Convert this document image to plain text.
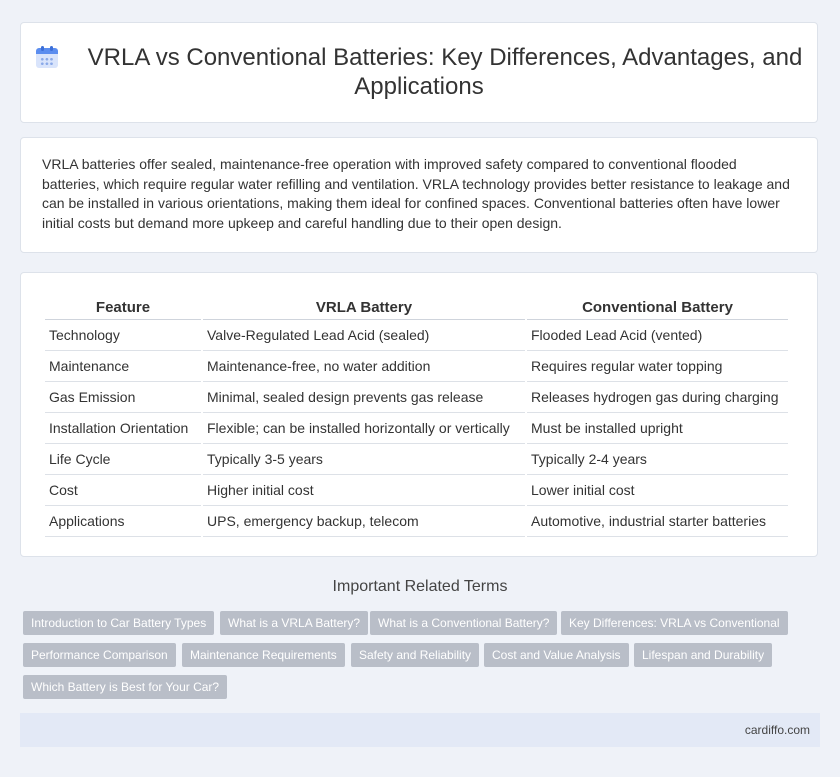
VRLA vs Conventional Batteries: Key Differences, Advantages, and Applications

VRLA batteries offer sealed, maintenance-free operation with improved safety compared to conventional flooded batteries, which require regular water refilling and ventilation. VRLA technology provides better resistance to leakage and can be installed in various orientations, making them ideal for confined spaces. Conventional batteries often have lower initial costs but demand more upkeep and careful handling due to their open design.

Feature	VRLA Battery	Conventional Battery
Technology	Valve-Regulated Lead Acid (sealed)	Flooded Lead Acid (vented)
Maintenance	Maintenance-free, no water addition	Requires regular water topping
Gas Emission	Minimal, sealed design prevents gas release	Releases hydrogen gas during charging
Installation Orientation	Flexible; can be installed horizontally or vertically	Must be installed upright
Life Cycle	Typically 3-5 years	Typically 2-4 years
Cost	Higher initial cost	Lower initial cost
Applications	UPS, emergency backup, telecom	Automotive, industrial starter batteries
Important Related Terms
Introduction to Car Battery Types	What is a VRLA Battery?	What is a Conventional Battery?	Key Differences: VRLA vs Conventional
Performance Comparison	Maintenance Requirements	Safety and Reliability	Cost and Value Analysis	Lifespan and Durability
Which Battery is Best for Your Car?
cardiffo.com
